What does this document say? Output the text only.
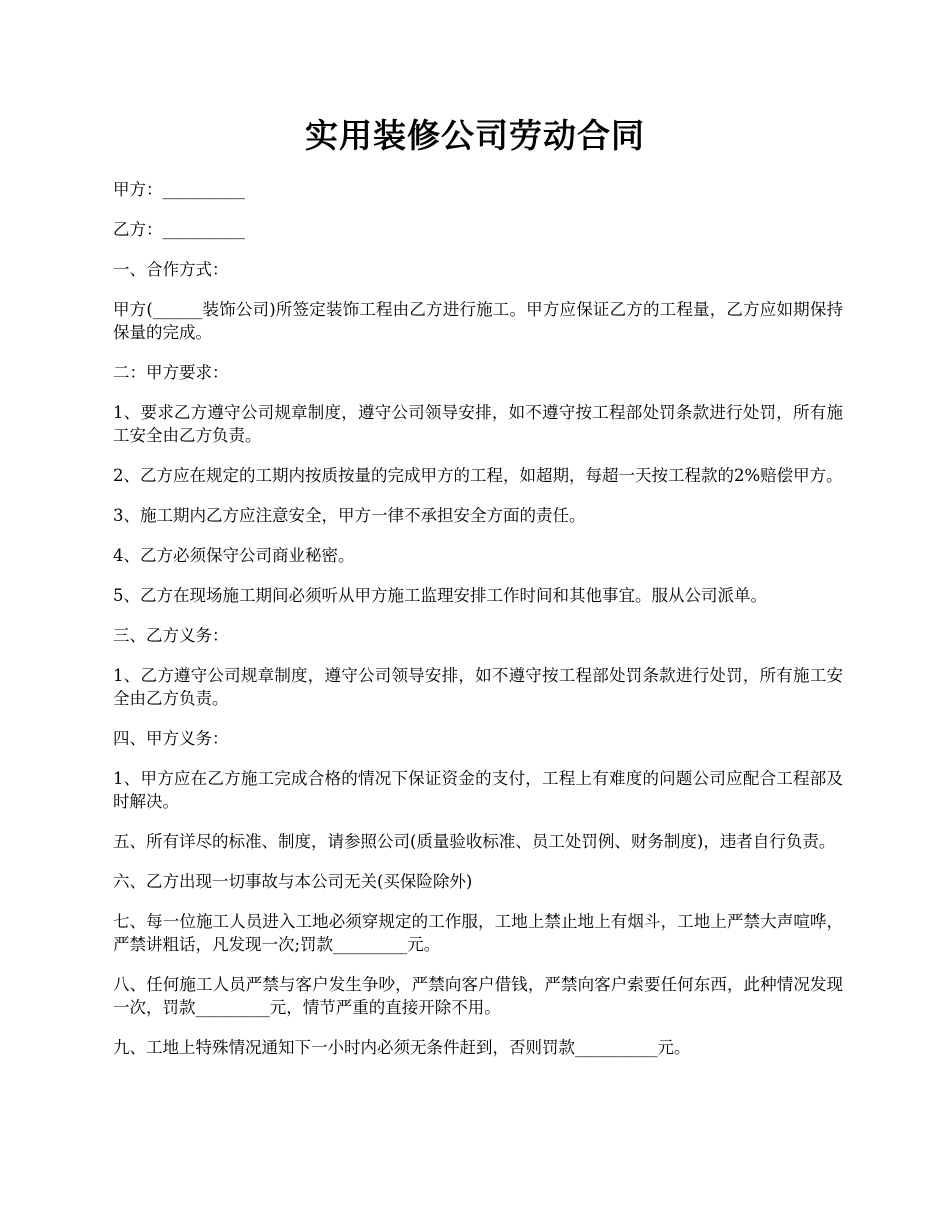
实用装修公司劳动合同

甲方：__________

乙方：__________

一、合作方式：

甲方(______装饰公司)所签定装饰工程由乙方进行施工。甲方应保证乙方的工程量，乙方应如期保持保量的完成。

二：甲方要求：

1、要求乙方遵守公司规章制度，遵守公司领导安排，如不遵守按工程部处罚条款进行处罚，所有施工安全由乙方负责。

2、乙方应在规定的工期内按质按量的完成甲方的工程，如超期，每超一天按工程款的2%赔偿甲方。

3、施工期内乙方应注意安全，甲方一律不承担安全方面的责任。

4、乙方必须保守公司商业秘密。

5、乙方在现场施工期间必须听从甲方施工监理安排工作时间和其他事宜。服从公司派单。

三、乙方义务：

1、乙方遵守公司规章制度，遵守公司领导安排，如不遵守按工程部处罚条款进行处罚，所有施工安全由乙方负责。

四、甲方义务：

1、甲方应在乙方施工完成合格的情况下保证资金的支付，工程上有难度的问题公司应配合工程部及时解决。

五、所有详尽的标准、制度，请参照公司(质量验收标准、员工处罚例、财务制度)，违者自行负责。

六、乙方出现一切事故与本公司无关(买保险除外)

七、每一位施工人员进入工地必须穿规定的工作服，工地上禁止地上有烟斗，工地上严禁大声喧哗，严禁讲粗话，凡发现一次;罚款_________元。

八、任何施工人员严禁与客户发生争吵，严禁向客户借钱，严禁向客户索要任何东西，此种情况发现一次，罚款_________元，情节严重的直接开除不用。

九、工地上特殊情况通知下一小时内必须无条件赶到，否则罚款__________元。
